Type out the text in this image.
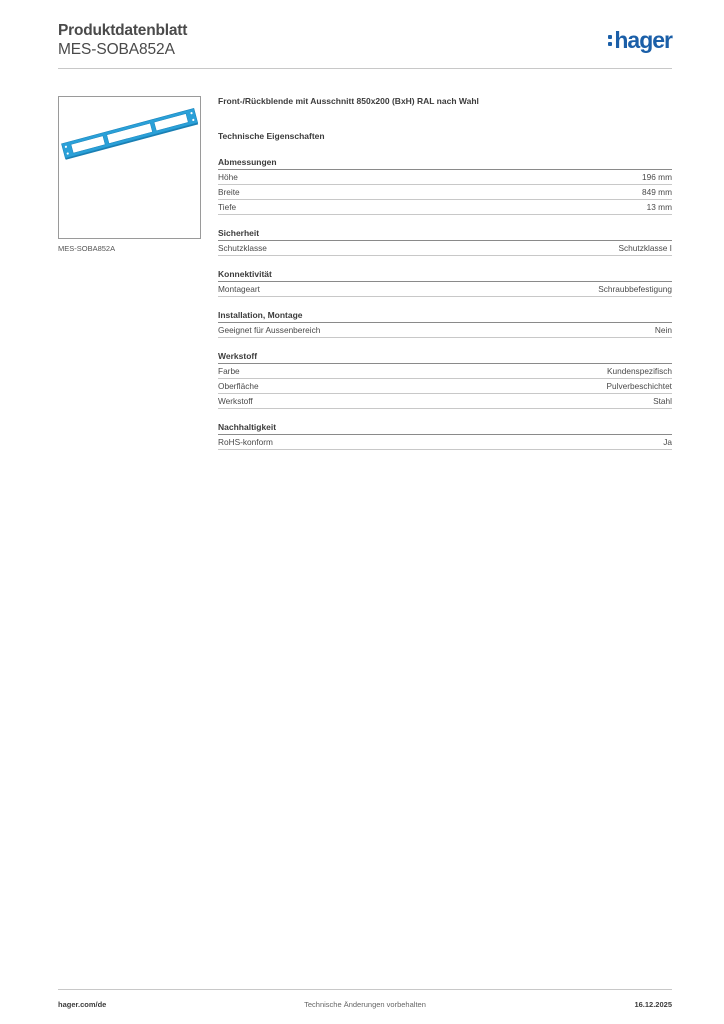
Produktdatenblatt
MES-SOBA852A	hager
MES-SOBA852A
Front-/Rückblende mit Ausschnitt 850x200 (BxH) RAL nach Wahl
Technische Eigenschaften
Abmessungen
Höhe	196 mm
Breite	849 mm
Tiefe	13 mm
Sicherheit
Schutzklasse	Schutzklasse I
Konnektivität
Montageart	Schraubbefestigung
Installation, Montage
Geeignet für Aussenbereich	Nein
Werkstoff
Farbe	Kundenspezifisch
Oberfläche	Pulverbeschichtet
Werkstoff	Stahl
Nachhaltigkeit
RoHS-konform	Ja
Technische Änderungen vorbehalten
hager.com/de	16.12.2025
